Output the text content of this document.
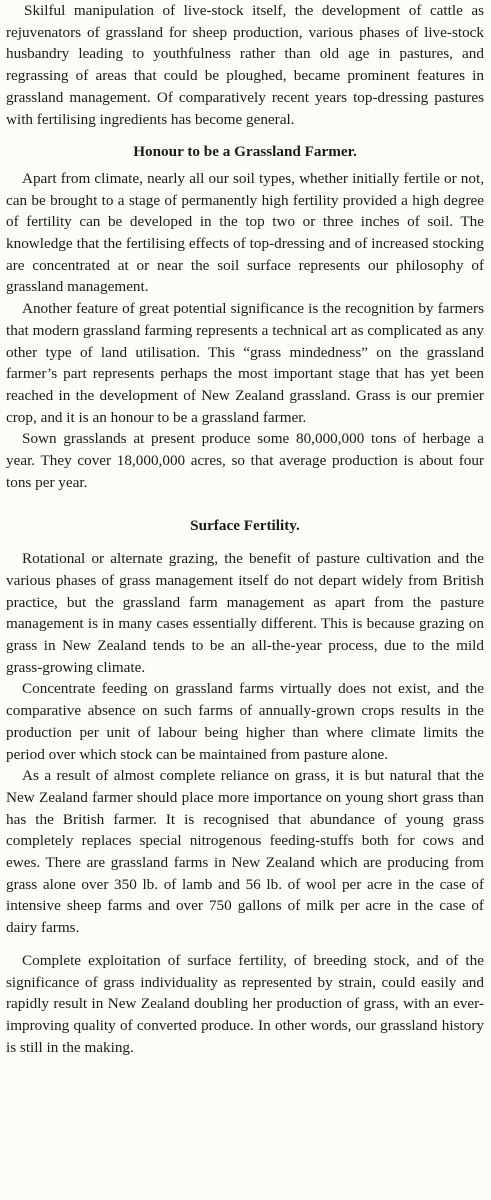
Skilful manipulation of live-stock itself, the development of cattle as rejuvenators of grassland for sheep production, various phases of live-stock husbandry leading to youthfulness rather than old age in pastures, and regrassing of areas that could be ploughed, became prominent features in grassland management. Of comparatively recent years top-dressing pastures with fertilising ingredients has become general.

Honour to be a Grassland Farmer.

Apart from climate, nearly all our soil types, whether initially fertile or not, can be brought to a stage of permanently high fertility provided a high degree of fertility can be developed in the top two or three inches of soil. The knowledge that the fertilising effects of top-dressing and of increased stocking are concentrated at or near the soil surface represents our philosophy of grassland management.

Another feature of great potential significance is the recognition by farmers that modern grassland farming represents a technical art as complicated as any other type of land utilisation. This “grass mindedness” on the grassland farmer’s part represents perhaps the most important stage that has yet been reached in the development of New Zealand grassland. Grass is our premier crop, and it is an honour to be a grassland farmer.

Sown grasslands at present produce some 80,000,000 tons of herbage a year. They cover 18,000,000 acres, so that average production is about four tons per year.

Surface Fertility.

Rotational or alternate grazing, the benefit of pasture cultivation and the various phases of grass management itself do not depart widely from British practice, but the grassland farm management as apart from the pasture management is in many cases essentially different. This is because grazing on grass in New Zealand tends to be an all-the-year process, due to the mild grass-growing climate.

Concentrate feeding on grassland farms virtually does not exist, and the comparative absence on such farms of annually-grown crops results in the production per unit of labour being higher than where climate limits the period over which stock can be maintained from pasture alone.

As a result of almost complete reliance on grass, it is but natural that the New Zealand farmer should place more importance on young short grass than has the British farmer. It is recognised that abundance of young grass completely replaces special nitrogenous feeding-stuffs both for cows and ewes. There are grassland farms in New Zealand which are producing from grass alone over 350 lb. of lamb and 56 lb. of wool per acre in the case of intensive sheep farms and over 750 gallons of milk per acre in the case of dairy farms.

Complete exploitation of surface fertility, of breeding stock, and of the significance of grass individuality as represented by strain, could easily and rapidly result in New Zealand doubling her production of grass, with an ever-improving quality of converted produce. In other words, our grassland history is still in the making.
